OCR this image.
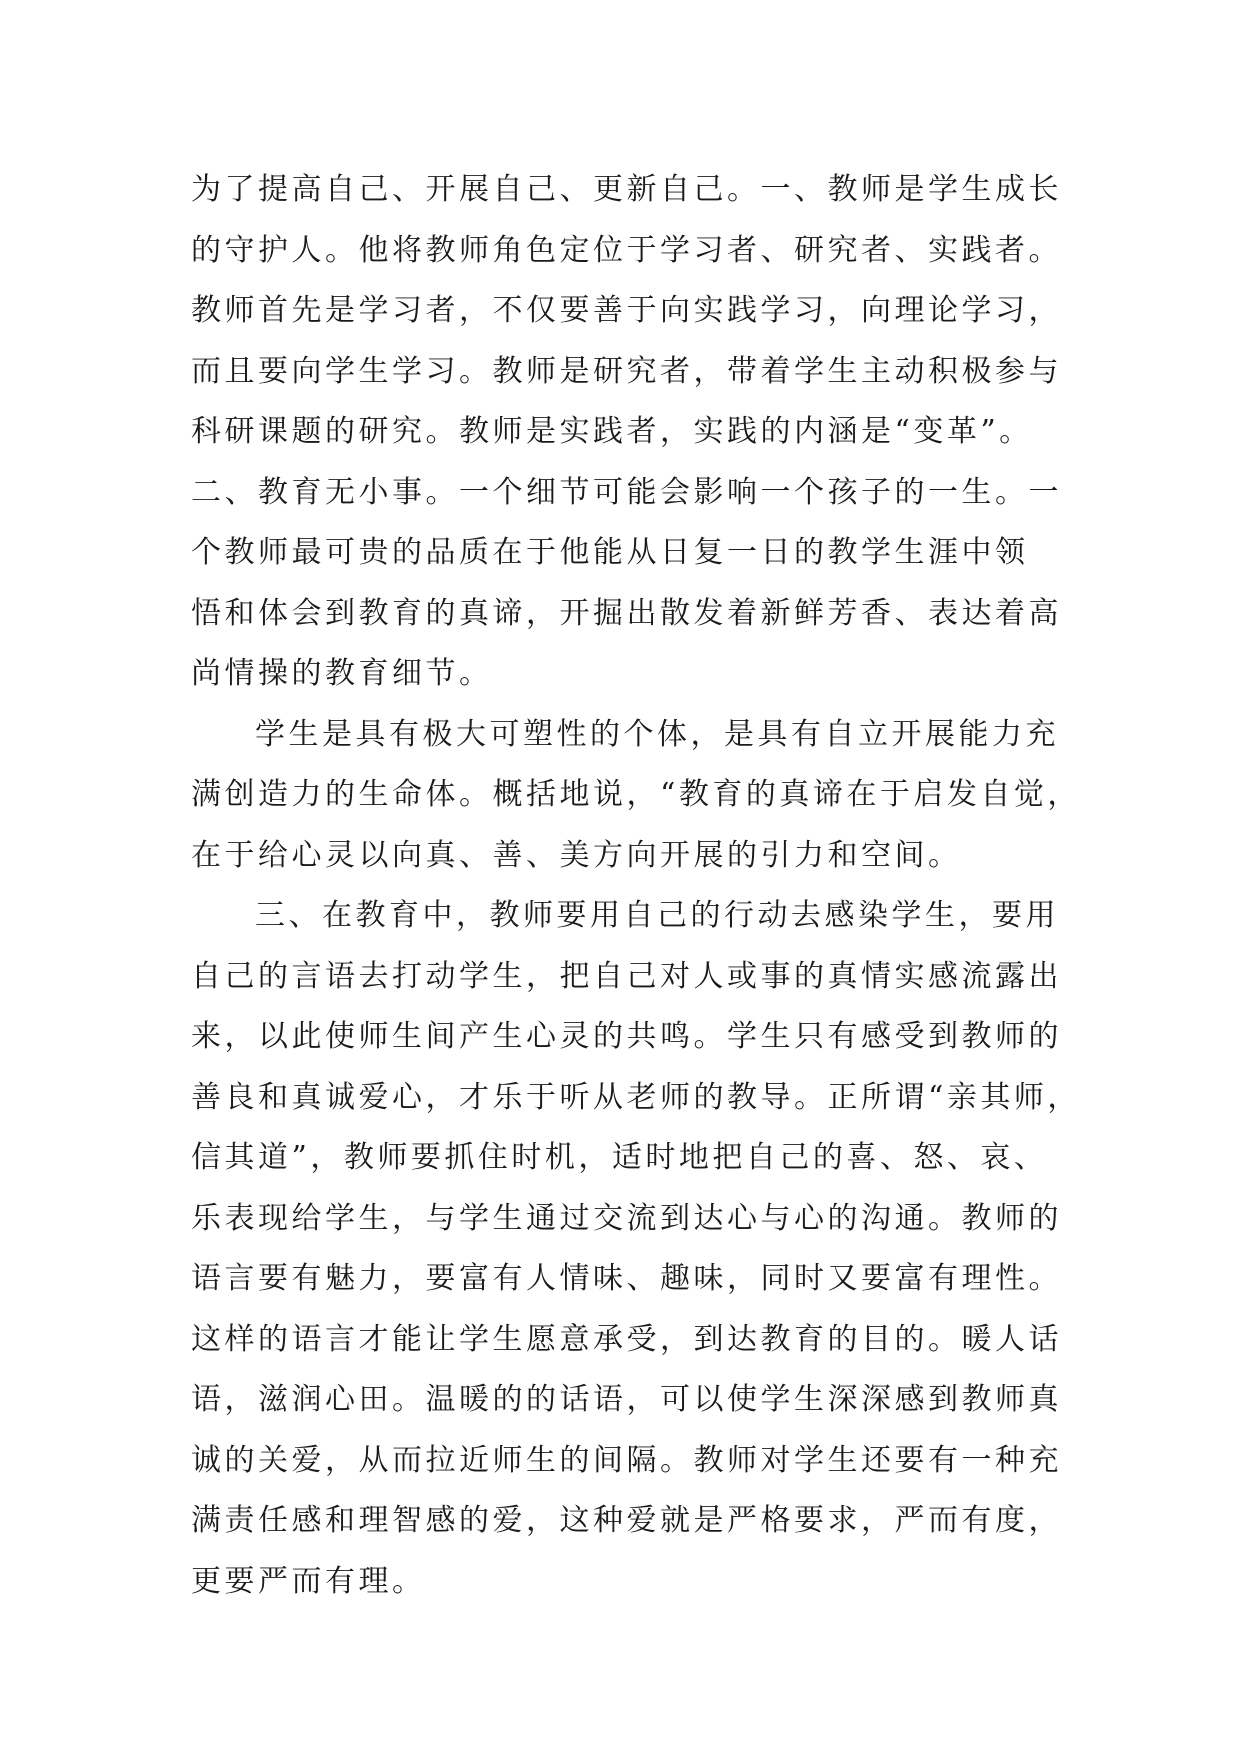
为了提高自己、开展自己、更新自己。一、教师是学生成长
的守护人。他将教师角色定位于学习者、研究者、实践者。
教师首先是学习者，不仅要善于向实践学习，向理论学习，
而且要向学生学习。教师是研究者，带着学生主动积极参与
科研课题的研究。教师是实践者，实践的内涵是“变革”。
二、教育无小事。一个细节可能会影响一个孩子的一生。一
个教师最可贵的品质在于他能从日复一日的教学生涯中领
悟和体会到教育的真谛，开掘出散发着新鲜芳香、表达着高
尚情操的教育细节。
学生是具有极大可塑性的个体，是具有自立开展能力充
满创造力的生命体。概括地说，“教育的真谛在于启发自觉，
在于给心灵以向真、善、美方向开展的引力和空间。
三、在教育中，教师要用自己的行动去感染学生，要用
自己的言语去打动学生，把自己对人或事的真情实感流露出
来，以此使师生间产生心灵的共鸣。学生只有感受到教师的
善良和真诚爱心，才乐于听从老师的教导。正所谓“亲其师，
信其道”，教师要抓住时机，适时地把自己的喜、怒、哀、
乐表现给学生，与学生通过交流到达心与心的沟通。教师的
语言要有魅力，要富有人情味、趣味，同时又要富有理性。
这样的语言才能让学生愿意承受，到达教育的目的。暖人话
语，滋润心田。温暖的的话语，可以使学生深深感到教师真
诚的关爱，从而拉近师生的间隔。教师对学生还要有一种充
满责任感和理智感的爱，这种爱就是严格要求，严而有度，
更要严而有理。
